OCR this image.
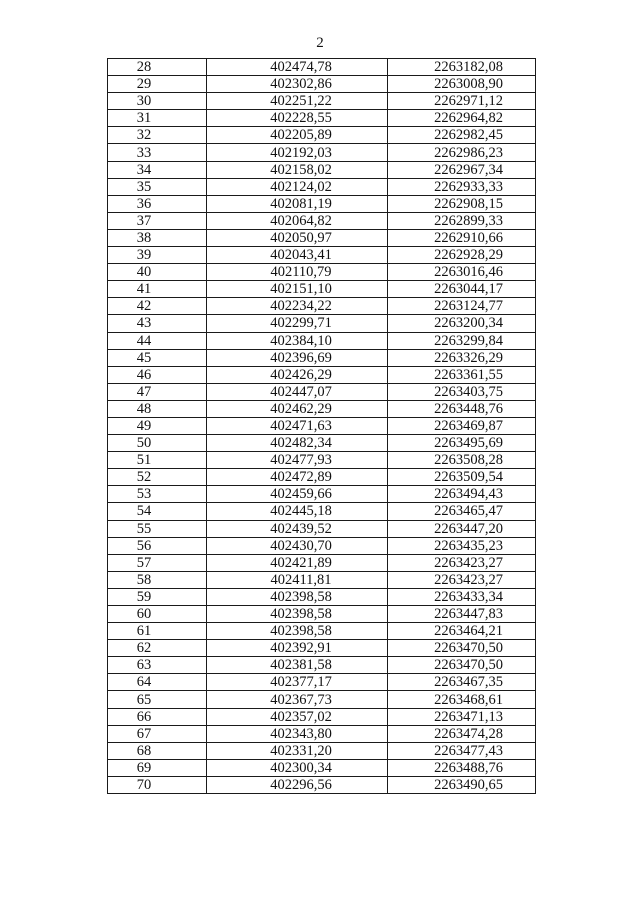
2
28	402474,78	2263182,08
29	402302,86	2263008,90
30	402251,22	2262971,12
31	402228,55	2262964,82
32	402205,89	2262982,45
33	402192,03	2262986,23
34	402158,02	2262967,34
35	402124,02	2262933,33
36	402081,19	2262908,15
37	402064,82	2262899,33
38	402050,97	2262910,66
39	402043,41	2262928,29
40	402110,79	2263016,46
41	402151,10	2263044,17
42	402234,22	2263124,77
43	402299,71	2263200,34
44	402384,10	2263299,84
45	402396,69	2263326,29
46	402426,29	2263361,55
47	402447,07	2263403,75
48	402462,29	2263448,76
49	402471,63	2263469,87
50	402482,34	2263495,69
51	402477,93	2263508,28
52	402472,89	2263509,54
53	402459,66	2263494,43
54	402445,18	2263465,47
55	402439,52	2263447,20
56	402430,70	2263435,23
57	402421,89	2263423,27
58	402411,81	2263423,27
59	402398,58	2263433,34
60	402398,58	2263447,83
61	402398,58	2263464,21
62	402392,91	2263470,50
63	402381,58	2263470,50
64	402377,17	2263467,35
65	402367,73	2263468,61
66	402357,02	2263471,13
67	402343,80	2263474,28
68	402331,20	2263477,43
69	402300,34	2263488,76
70	402296,56	2263490,65
